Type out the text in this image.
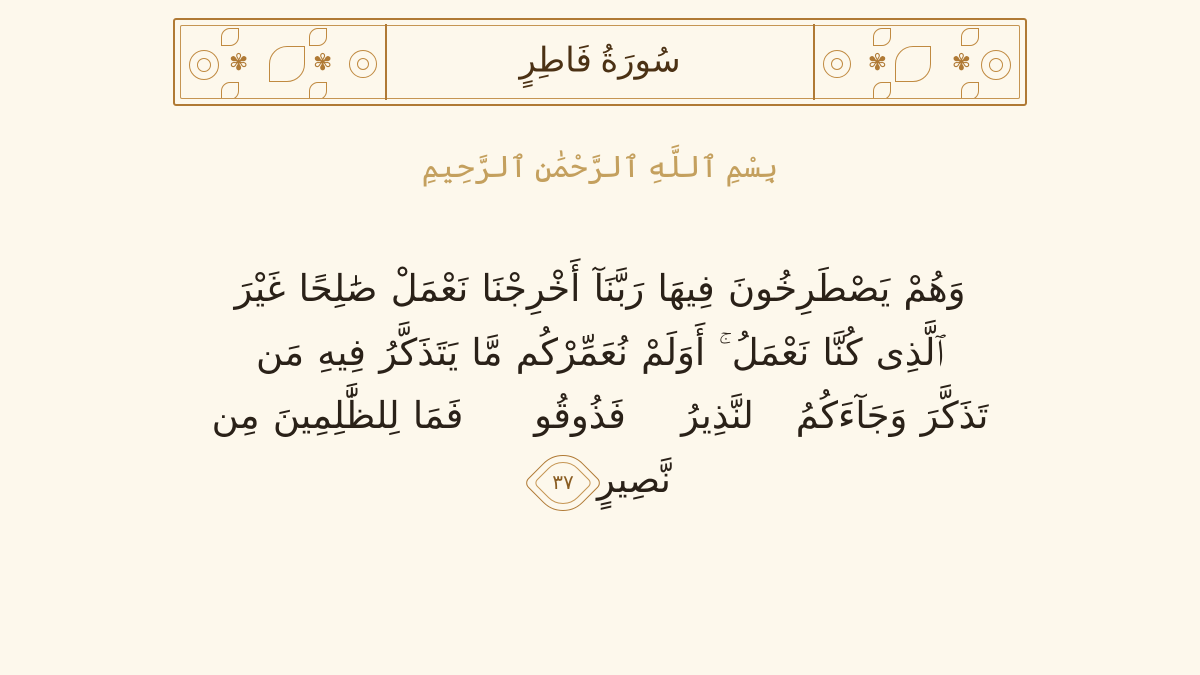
✾	✾	✾
✾
سُورَةُ فَاطِرٍ
بِسْمِ ٱللَّهِ ٱلرَّحْمَٰنِ ٱلرَّحِيمِ
وَهُمْ يَصْطَرِخُونَ فِيهَا رَبَّنَآ أَخْرِجْنَا نَعْمَلْ صَٰلِحًا غَيْرَ
ٱلَّذِى كُنَّا نَعْمَلُ ۚ أَوَلَمْ نُعَمِّرْكُم مَّا يَتَذَكَّرُ فِيهِ مَن
تَذَكَّرَ وَجَآءَكُمُ ٱلنَّذِيرُ ۖ فَذُوقُوا۟ فَمَا لِلظَّٰلِمِينَ مِن
نَّصِيرٍ
٣٧
